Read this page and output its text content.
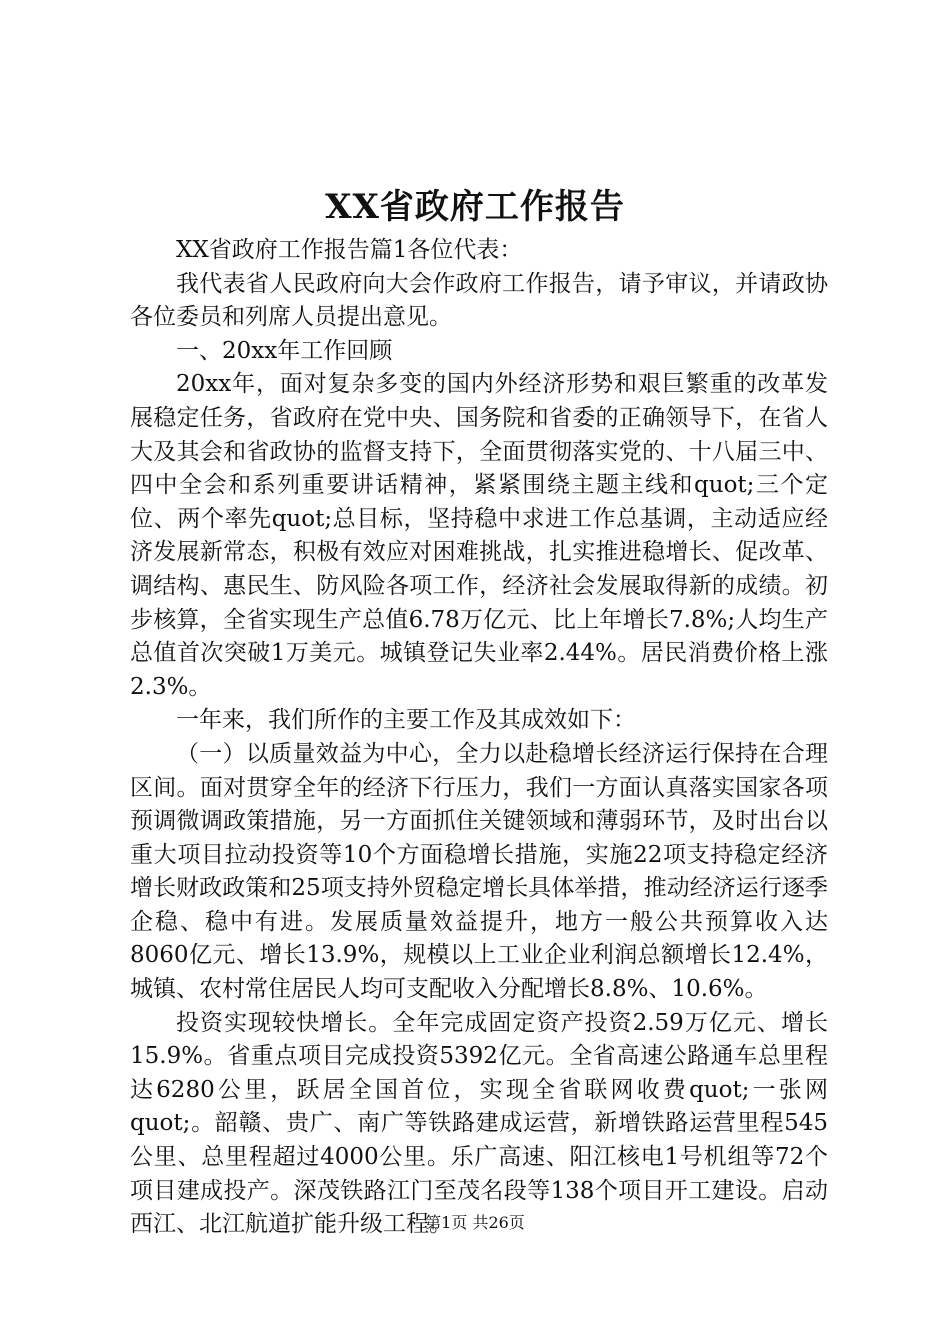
XX省政府工作报告

XX省政府工作报告篇1各位代表：

我代表省人民政府向大会作政府工作报告，请予审议，并请政协各位委员和列席人员提出意见。

一、20xx年工作回顾

20xx年，面对复杂多变的国内外经济形势和艰巨繁重的改革发展稳定任务，省政府在党中央、国务院和省委的正确领导下，在省人大及其会和省政协的监督支持下，全面贯彻落实党的、十八届三中、四中全会和系列重要讲话精神，紧紧围绕主题主线和quot;三个定位、两个率先quot;总目标，坚持稳中求进工作总基调，主动适应经济发展新常态，积极有效应对困难挑战，扎实推进稳增长、促改革、调结构、惠民生、防风险各项工作，经济社会发展取得新的成绩。初步核算，全省实现生产总值6.78万亿元、比上年增长7.8%;人均生产总值首次突破1万美元。城镇登记失业率2.44%。居民消费价格上涨2.3%。

一年来，我们所作的主要工作及其成效如下：

（一）以质量效益为中心，全力以赴稳增长经济运行保持在合理区间。面对贯穿全年的经济下行压力，我们一方面认真落实国家各项预调微调政策措施，另一方面抓住关键领域和薄弱环节，及时出台以重大项目拉动投资等10个方面稳增长措施，实施22项支持稳定经济增长财政政策和25项支持外贸稳定增长具体举措，推动经济运行逐季企稳、稳中有进。发展质量效益提升，地方一般公共预算收入达8060亿元、增长13.9%，规模以上工业企业利润总额增长12.4%，城镇、农村常住居民人均可支配收入分配增长8.8%、10.6%。

投资实现较快增长。全年完成固定资产投资2.59万亿元、增长15.9%。省重点项目完成投资5392亿元。全省高速公路通车总里程达6280公里，跃居全国首位，实现全省联网收费quot;一张网quot;。韶赣、贵广、南广等铁路建成运营，新增铁路运营里程545公里、总里程超过4000公里。乐广高速、阳江核电1号机组等72个项目建成投产。深茂铁路江门至茂名段等138个项目开工建设。启动西江、北江航道扩能升级工程。

第1页 共26页
